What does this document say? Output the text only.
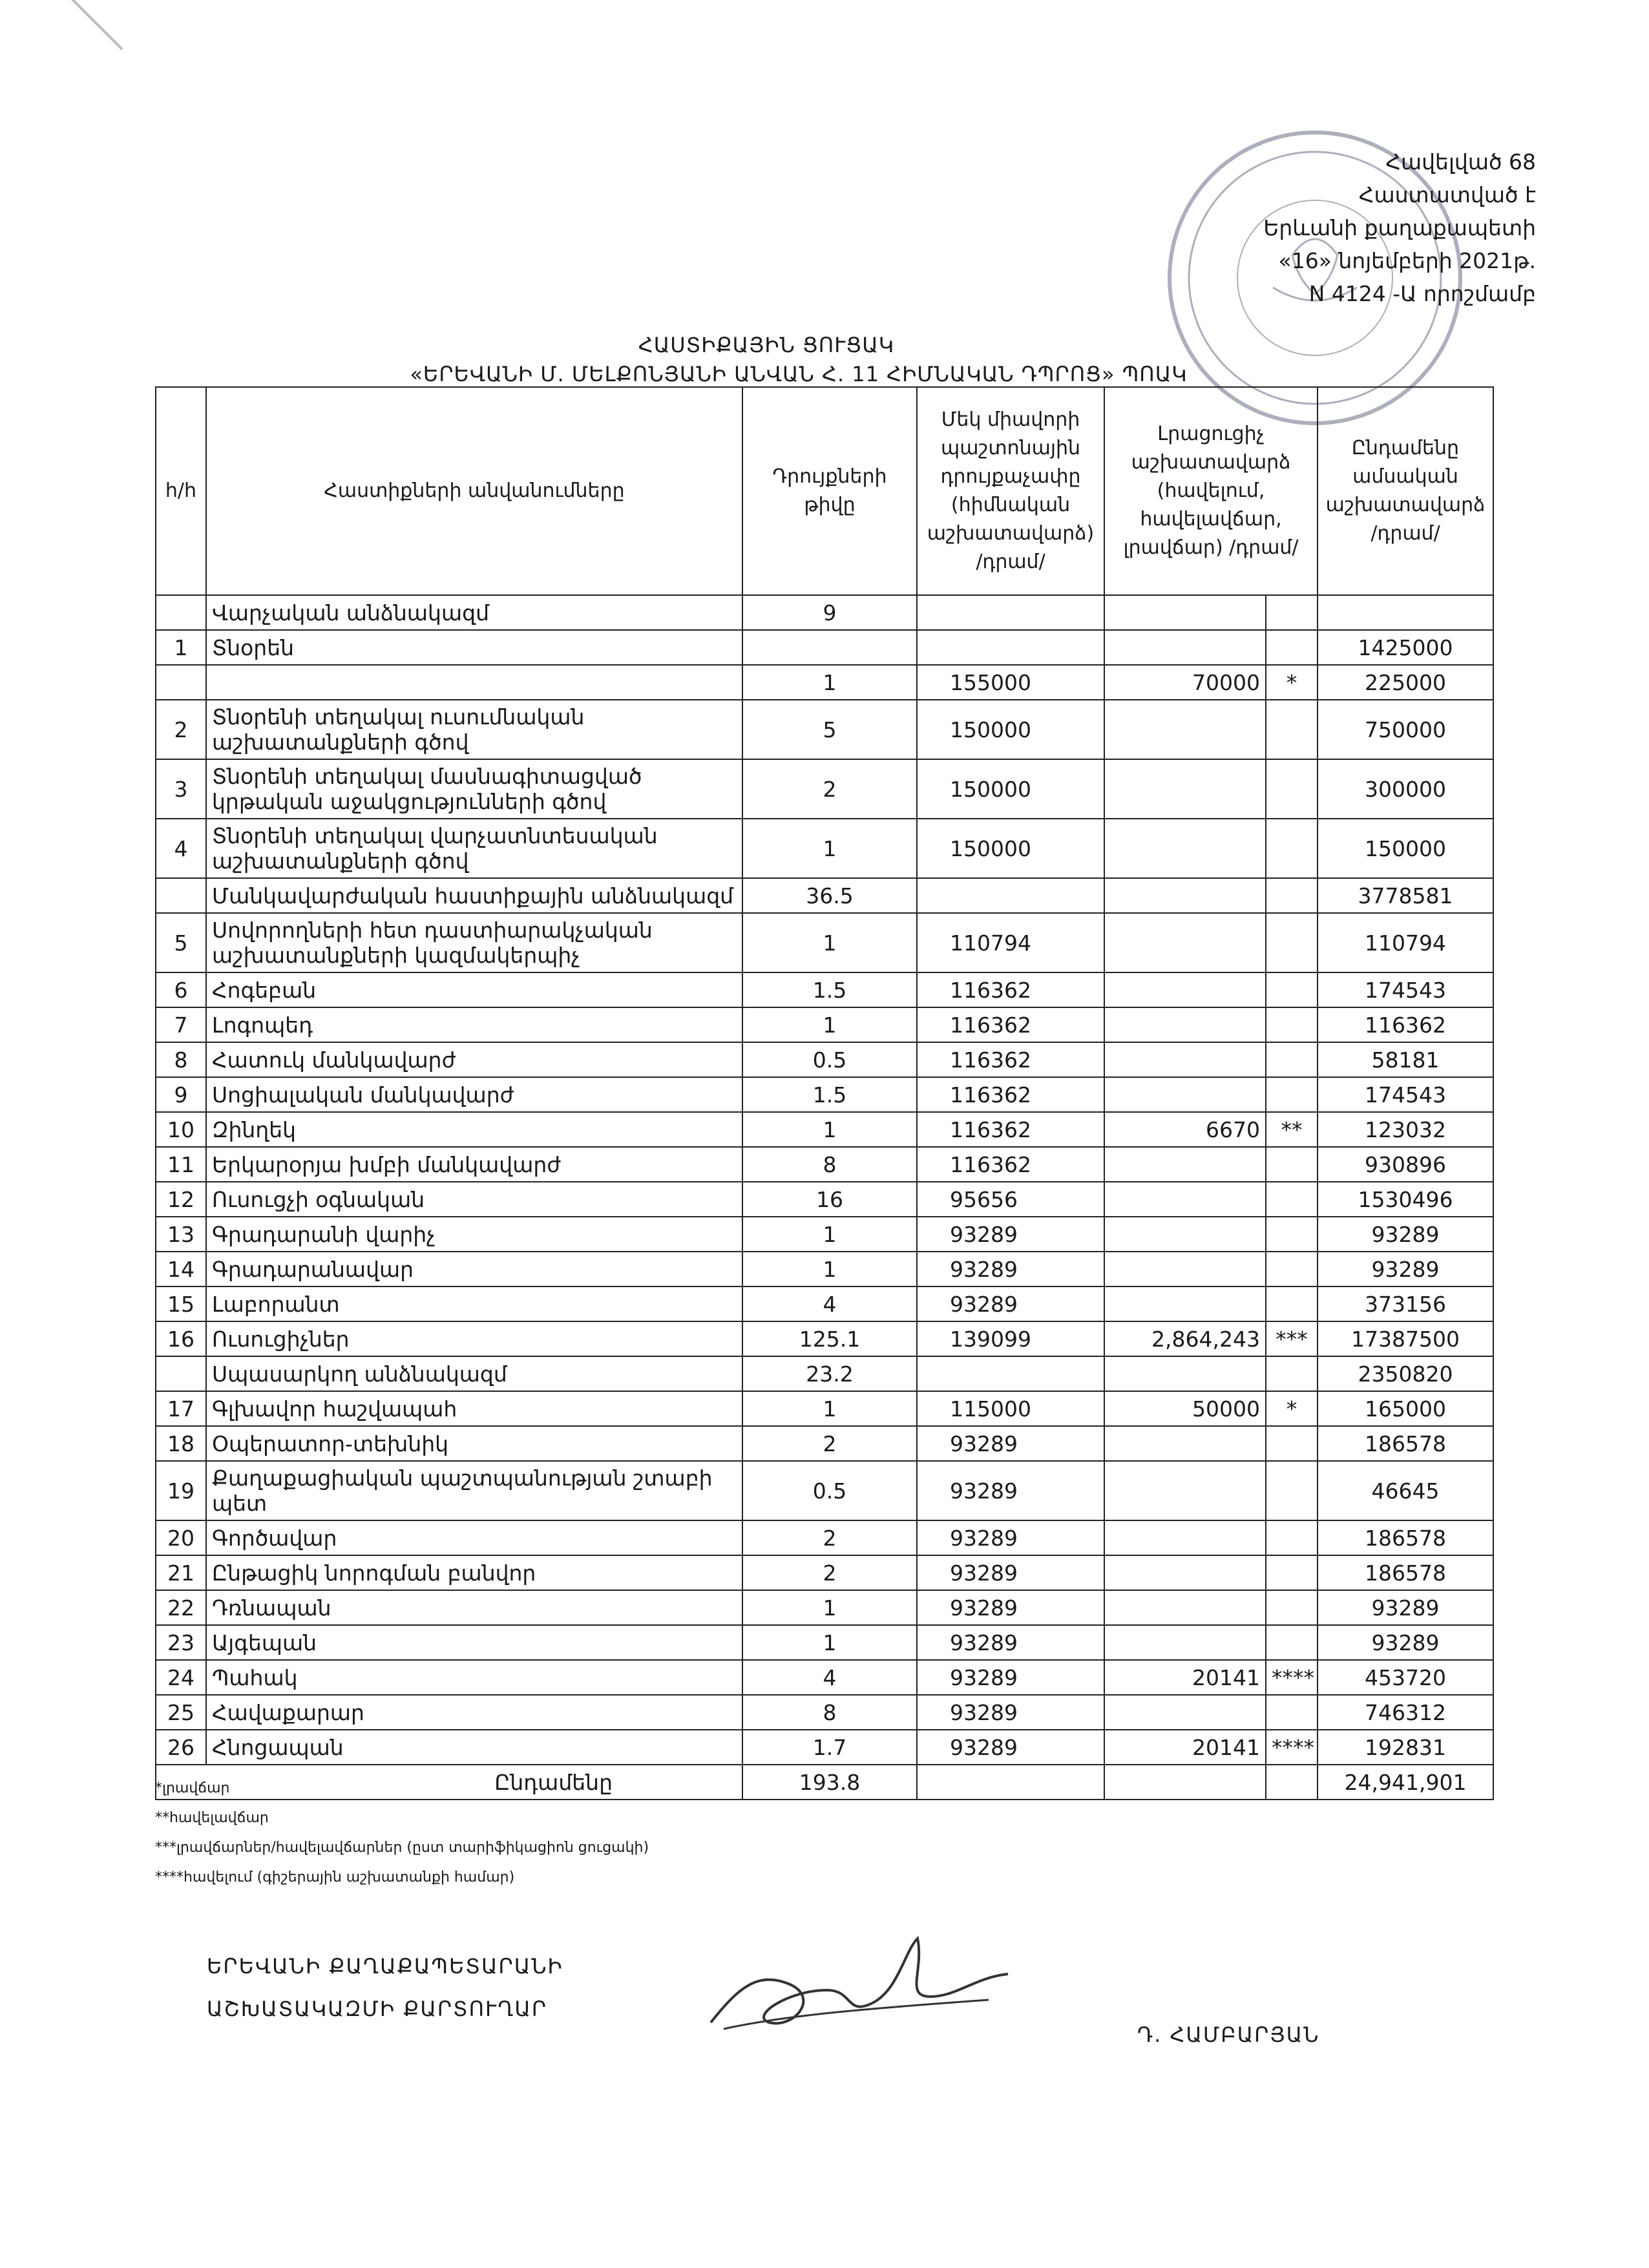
Հավելված 68
Հաստատված է
Երևանի քաղաքապետի
«16» նոյեմբերի 2021թ.
N 4124 -Ա որոշմամբ
ՀԱՍՏԻՔԱՅԻՆ ՑՈՒՑԱԿ
«ԵՐԵՎԱՆԻ Մ. ՄԵԼՔՈՆՅԱՆԻ ԱՆՎԱՆ Հ. 11 ՀԻՄՆԱԿԱՆ ԴՊՐՈՑ» ՊՈԱԿ
հ/հ	Հաստիքների անվանումները	Դրույքների թիվը	Մեկ միավորի պաշտոնային դրույքաչափը (հիմնական աշխատավարձ) /դրամ/	Լրացուցիչ աշխատավարձ (հավելում, հավելավճար, լրավճար) /դրամ/		Ընդամենը ամսական աշխատավարձ /դրամ/
	Վարչական անձնակազմ	9				
1	Տնօրեն					1425000
		1	155000	70000	*	225000
2	Տնօրենի տեղակալ ուսումնական աշխատանքների գծով	5	150000			750000
3	Տնօրենի տեղակալ մասնագիտացված կրթական աջակցությունների գծով	2	150000			300000
4	Տնօրենի տեղակալ վարչատնտեսական աշխատանքների գծով	1	150000			150000
	Մանկավարժական հաստիքային անձնակազմ	36.5				3778581
5	Սովորողների հետ դաստիարակչական աշխատանքների կազմակերպիչ	1	110794			110794
6	Հոգեբան	1.5	116362			174543
7	Լոգոպեդ	1	116362			116362
8	Հատուկ մանկավարժ	0.5	116362			58181
9	Սոցիալական մանկավարժ	1.5	116362			174543
10	Զինղեկ	1	116362	6670	**	123032
11	Երկարօրյա խմբի մանկավարժ	8	116362			930896
12	Ուսուցչի օգնական	16	95656			1530496
13	Գրադարանի վարիչ	1	93289			93289
14	Գրադարանավար	1	93289			93289
15	Լաբորանտ	4	93289			373156
16	Ուսուցիչներ	125.1	139099	2,864,243	***	17387500
	Սպասարկող անձնակազմ	23.2				2350820
17	Գլխավոր հաշվապահ	1	115000	50000	*	165000
18	Օպերատոր-տեխնիկ	2	93289			186578
19	Քաղաքացիական պաշտպանության շտաբի պետ	0.5	93289			46645
20	Գործավար	2	93289			186578
21	Ընթացիկ նորոգման բանվոր	2	93289			186578
22	Դռնապան	1	93289			93289
23	Այգեպան	1	93289			93289
24	Պահակ	4	93289	20141	****	453720
25	Հավաքարար	8	93289			746312
26	Հնոցապան	1.7	93289	20141	****	192831
Ընդամենը		193.8				24,941,901
*լրավճար
**հավելավճար
***լրավճարներ/հավելավճարներ (ըստ տարիֆիկացիոն ցուցակի)
****հավելում (գիշերային աշխատանքի համար)
ԵՐԵՎԱՆԻ ՔԱՂԱՔԱՊԵՏԱՐԱՆԻ
ԱՇԽԱՏԱԿԱԶՄԻ ՔԱՐՏՈՒՂԱՐ
Դ. ՀԱՄԲԱՐՅԱՆ
